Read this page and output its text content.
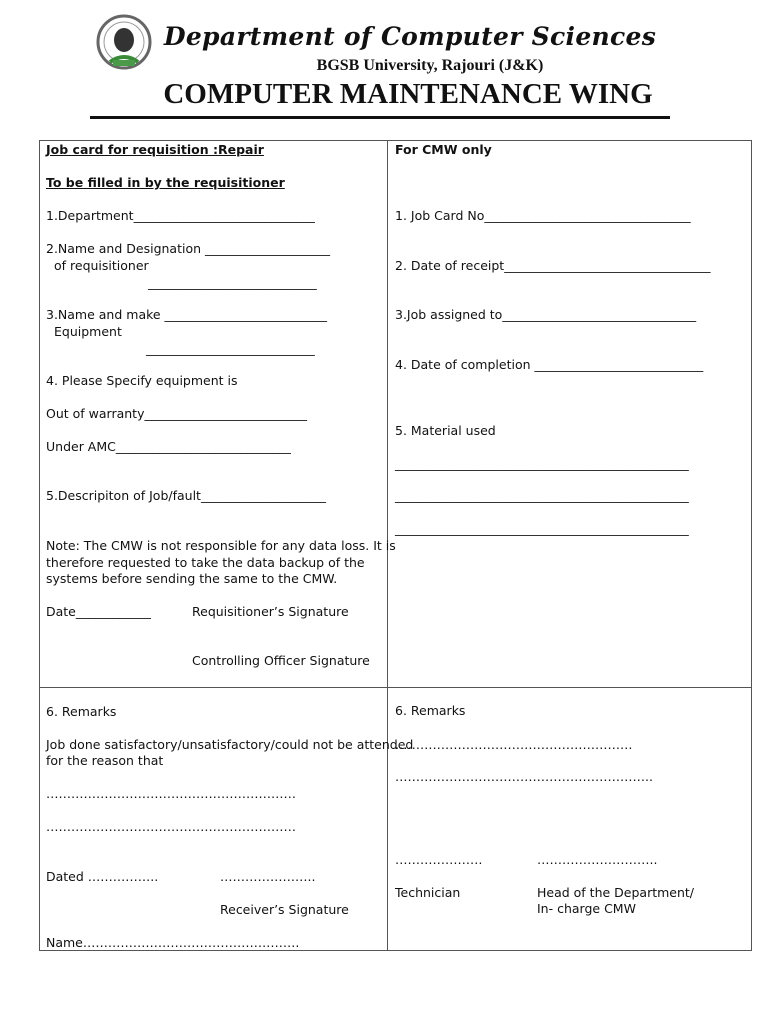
Department of Computer Sciences
BGSB University, Rajouri (J&K)
COMPUTER MAINTENANCE WING
Job card for requisition :Repair
To be filled in by the requisitioner
1.Department_____________________________
2.Name and Designation ____________________
of requisitioner
___________________________
3.Name and make __________________________
Equipment
___________________________
4. Please Specify equipment is
Out of warranty__________________________
Under AMC____________________________
5.Descripiton of Job/fault____________________
Note: The CMW is not responsible for any data loss. It is
therefore requested to take the data backup of the
systems before sending the same to the CMW.
Date____________	Requisitioner’s Signature
Controlling Officer Signature
6. Remarks
Job done satisfactory/unsatisfactory/could not be attended
for the reason that
……………………………………………………
……………………………………………………
Dated ……………..	…………………..
Receiver’s Signature
Name…………………………………………….
For CMW only
1. Job Card No_________________________________
2. Date of receipt_________________________________
3.Job assigned to_______________________________
4. Date of completion ___________________________
5. Material used
_______________________________________________
_______________________________________________
_______________________________________________
6. Remarks
…………………………………………………
……………………………………………………..
…………………	………………………..
Technician	Head of the Department/
In- charge CMW
